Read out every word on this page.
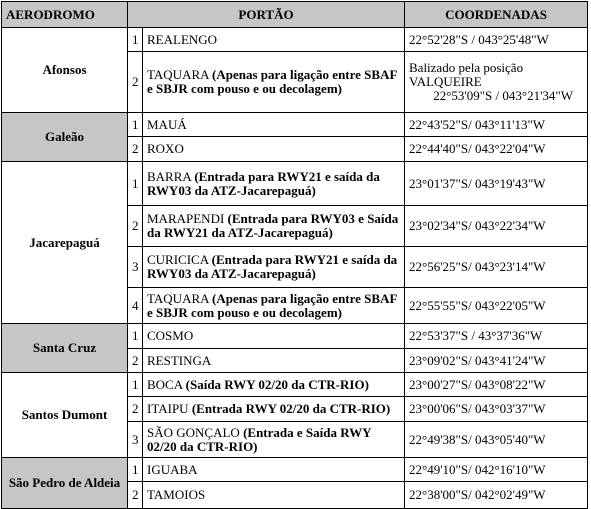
AERODROMO	PORTÃO		COORDENADAS
Afonsos	1	REALENGO	22°52'28"S / 043°25'48"W

	2	TAQUARA (Apenas para ligação entre SBAF e SBJR com pouso e ou decolagem)	Balizado pela posição VALQUEIRE
22°53'09"S / 043°21'34"W

Galeão	1	MAUÁ	22°43'52"S/ 043°11'13"W

	2	ROXO	22°44'40"S/ 043°22'04"W

Jacarepaguá	1	BARRA (Entrada para RWY21 e saída da RWY03 da ATZ-Jacarepaguá)	23°01'37"S/ 043°19'43"W

	2	MARAPENDI (Entrada para RWY03 e Saída da RWY21 da ATZ-Jacarepaguá)	23°02'34"S/ 043°22'34"W

	3	CURICICA (Entrada para RWY21 e saída da RWY03 da ATZ-Jacarepaguá)	22°56'25"S/ 043°23'14"W

	4	TAQUARA (Apenas para ligação entre SBAF e SBJR com pouso e ou decolagem)	22°55'55"S/ 043°22'05"W

Santa Cruz	1	COSMO	22°53'37"S / 43°37'36"W

	2	RESTINGA	23°09'02"S/ 043°41'24"W

Santos Dumont	1	BOCA (Saída RWY 02/20 da CTR-RIO)	23°00'27"S/ 043°08'22"W

	2	ITAIPU (Entrada RWY 02/20 da CTR-RIO)	23°00'06"S/ 043°03'37"W

	3	SÃO GONÇALO (Entrada e Saída RWY 02/20 da CTR-RIO)	22°49'38"S/ 043°05'40"W

São Pedro de Aldeia	1	IGUABA	22°49'10"S/ 042°16'10"W

	2	TAMOIOS	22°38'00"S/ 042°02'49"W
